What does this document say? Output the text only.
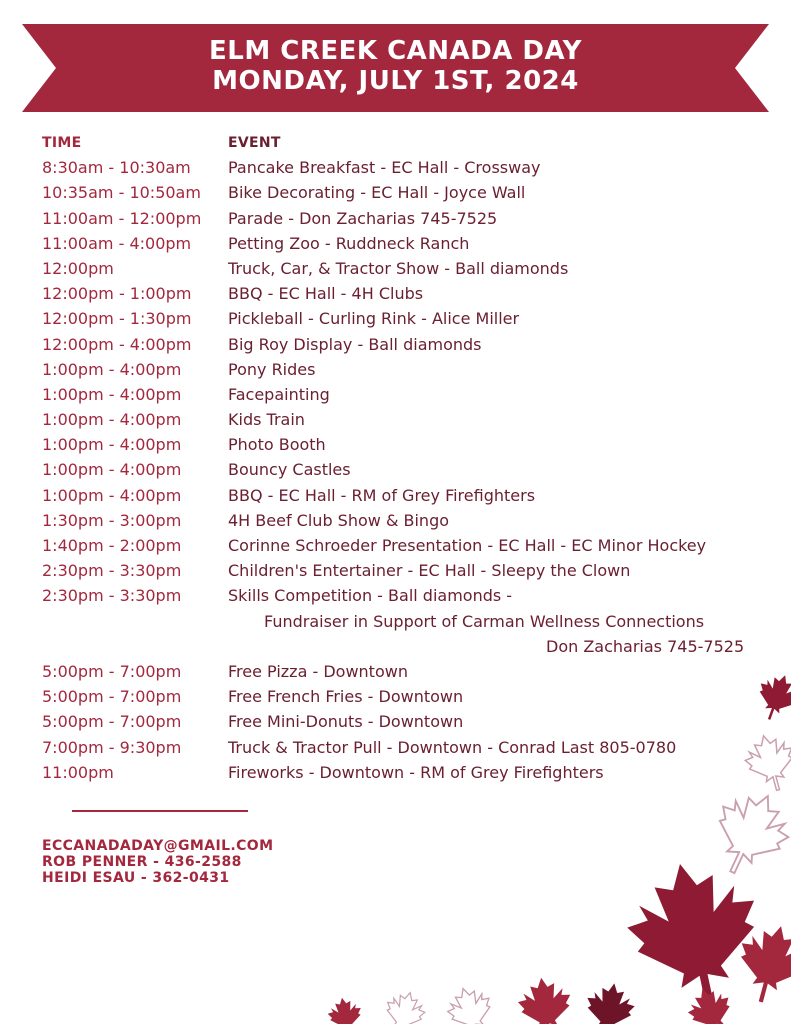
ELM CREEK CANADA DAY
MONDAY, JULY 1ST, 2024
TIME	EVENT
8:30am - 10:30am Pancake Breakfast - EC Hall - Crossway
10:35am - 10:50am Bike Decorating - EC Hall - Joyce Wall
11:00am - 12:00pm Parade - Don Zacharias 745-7525
11:00am - 4:00pm Petting Zoo - Ruddneck Ranch
12:00pm	Truck, Car, & Tractor Show - Ball diamonds
12:00pm - 1:00pm BBQ - EC Hall - 4H Clubs
12:00pm - 1:30pm Pickleball - Curling Rink - Alice Miller
12:00pm - 4:00pm Big Roy Display - Ball diamonds
1:00pm - 4:00pm	Pony Rides
1:00pm - 4:00pm	Facepainting
1:00pm - 4:00pm	Kids Train
1:00pm - 4:00pm	Photo Booth
1:00pm - 4:00pm	Bouncy Castles
1:00pm - 4:00pm	BBQ - EC Hall - RM of Grey Firefighters
1:30pm - 3:00pm	4H Beef Club Show & Bingo
1:40pm - 2:00pm	Corinne Schroeder Presentation - EC Hall - EC Minor Hockey
2:30pm - 3:30pm	Children's Entertainer - EC Hall - Sleepy the Clown
2:30pm - 3:30pm	Skills Competition - Ball diamonds -
Fundraiser in Support of Carman Wellness Connections
Don Zacharias 745-7525
5:00pm - 7:00pm	Free Pizza - Downtown
5:00pm - 7:00pm	Free French Fries - Downtown
5:00pm - 7:00pm	Free Mini-Donuts - Downtown
7:00pm - 9:30pm	Truck & Tractor Pull - Downtown - Conrad Last 805-0780
11:00pm	Fireworks - Downtown - RM of Grey Firefighters
ECCANADADAY@GMAIL.COM
ROB PENNER - 436-2588
HEIDI ESAU - 362-0431
